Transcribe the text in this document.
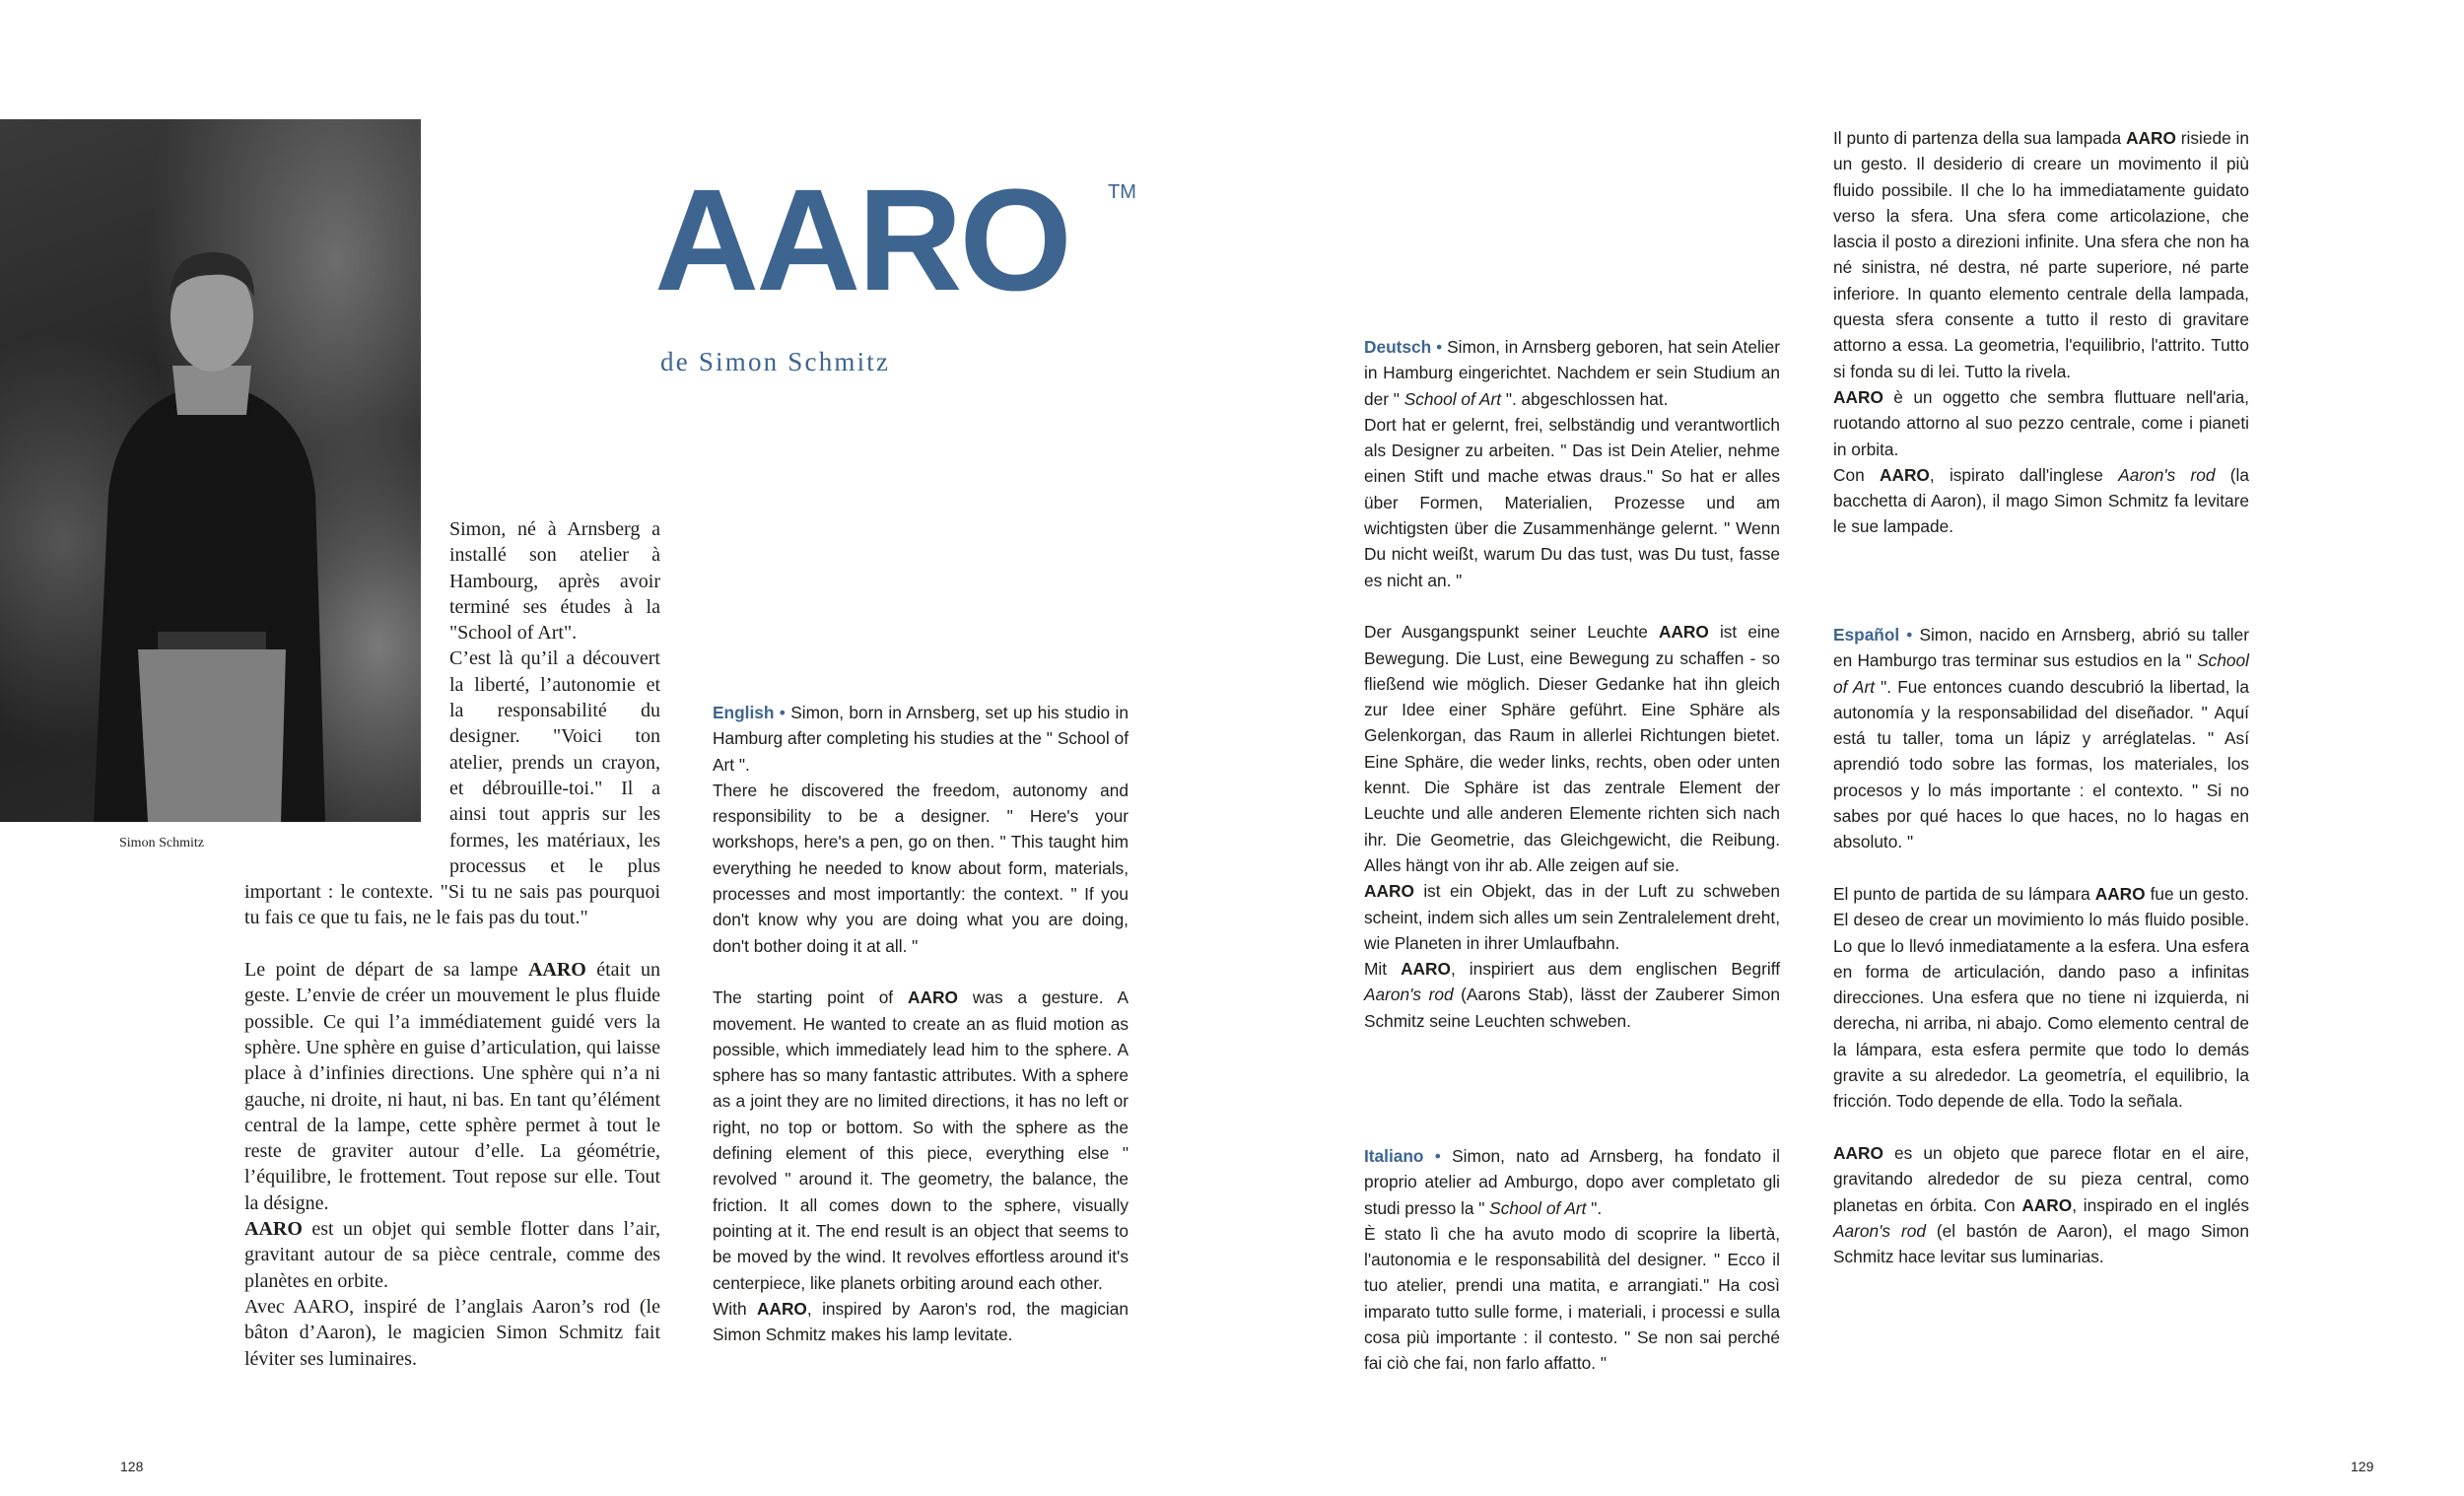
Simon Schmitz
AARO TM
de Simon Schmitz

Simon, né à Arnsberg a installé son atelier à Hambourg, après avoir terminé ses études à la "School of Art".

C’est là qu’il a découvert la liberté, l’autonomie et la responsabilité du designer. "Voici ton atelier, prends un crayon, et débrouille-toi." Il a ainsi tout appris sur les formes, les matériaux, les processus et le plus important : le contexte. "Si tu ne sais pas pourquoi tu fais ce que tu fais, ne le fais pas du tout."

Le point de départ de sa lampe AARO était un geste. L’envie de créer un mouvement le plus fluide possible. Ce qui l’a immédiatement guidé vers la sphère. Une sphère en guise d’articulation, qui laisse place à d’infinies directions. Une sphère qui n’a ni gauche, ni droite, ni haut, ni bas. En tant qu’élément central de la lampe, cette sphère permet à tout le reste de graviter autour d’elle. La géométrie, l’équilibre, le frottement. Tout repose sur elle. Tout la désigne.

AARO est un objet qui semble flotter dans l’air, gravitant autour de sa pièce centrale, comme des planètes en orbite.

Avec AARO, inspiré de l’anglais Aaron’s rod (le bâton d’Aaron), le magicien Simon Schmitz fait léviter ses luminaires.

English • Simon, born in Arnsberg, set up his studio in Hamburg after completing his studies at the " School of Art ".

There he discovered the freedom, autonomy and responsibility to be a designer. " Here's your workshops, here's a pen, go on then. " This taught him everything he needed to know about form, materials, processes and most importantly: the context. " If you don't know why you are doing what you are doing, don't bother doing it at all. "

The starting point of AARO was a gesture. A movement. He wanted to create an as fluid motion as possible, which immediately lead him to the sphere. A sphere has so many fantastic attributes. With a sphere as a joint they are no limited directions, it has no left or right, no top or bottom. So with the sphere as the defining element of this piece, everything else " revolved " around it. The geometry, the balance, the friction. It all comes down to the sphere, visually pointing at it. The end result is an object that seems to be moved by the wind. It revolves effortless around it's centerpiece, like planets orbiting around each other.

With AARO, inspired by Aaron's rod, the magician Simon Schmitz makes his lamp levitate.

Deutsch • Simon, in Arnsberg geboren, hat sein Atelier in Hamburg eingerichtet. Nachdem er sein Studium an der " School of Art ". abgeschlossen hat.

Dort hat er gelernt, frei, selbständig und verantwortlich als Designer zu arbeiten. " Das ist Dein Atelier, nehme einen Stift und mache etwas draus." So hat er alles über Formen, Materialien, Prozesse und am wichtigsten über die Zusammenhänge gelernt. " Wenn Du nicht weißt, warum Du das tust, was Du tust, fasse es nicht an. "

Der Ausgangspunkt seiner Leuchte AARO ist eine Bewegung. Die Lust, eine Bewegung zu schaffen - so fließend wie möglich. Dieser Gedanke hat ihn gleich zur Idee einer Sphäre geführt. Eine Sphäre als Gelenkorgan, das Raum in allerlei Richtungen bietet. Eine Sphäre, die weder links, rechts, oben oder unten kennt. Die Sphäre ist das zentrale Element der Leuchte und alle anderen Elemente richten sich nach ihr. Die Geometrie, das Gleichgewicht, die Reibung. Alles hängt von ihr ab. Alle zeigen auf sie.

AARO ist ein Objekt, das in der Luft zu schweben scheint, indem sich alles um sein Zentralelement dreht, wie Planeten in ihrer Umlaufbahn.

Mit AARO, inspiriert aus dem englischen Begriff Aaron's rod (Aarons Stab), lässt der Zauberer Simon Schmitz seine Leuchten schweben.

Italiano • Simon, nato ad Arnsberg, ha fondato il proprio atelier ad Amburgo, dopo aver completato gli studi presso la " School of Art ".

È stato lì che ha avuto modo di scoprire la libertà, l'autonomia e le responsabilità del designer. " Ecco il tuo atelier, prendi una matita, e arrangiati." Ha così imparato tutto sulle forme, i materiali, i processi e sulla cosa più importante : il contesto. " Se non sai perché fai ciò che fai, non farlo affatto. "

Il punto di partenza della sua lampada AARO risiede in un gesto. Il desiderio di creare un movimento il più fluido possibile. Il che lo ha immediatamente guidato verso la sfera. Una sfera come articolazione, che lascia il posto a direzioni infinite. Una sfera che non ha né sinistra, né destra, né parte superiore, né parte inferiore. In quanto elemento centrale della lampada, questa sfera consente a tutto il resto di gravitare attorno a essa. La geometria, l'equilibrio, l'attrito. Tutto si fonda su di lei. Tutto la rivela.

AARO è un oggetto che sembra fluttuare nell'aria, ruotando attorno al suo pezzo centrale, come i pianeti in orbita.

Con AARO, ispirato dall'inglese Aaron's rod (la bacchetta di Aaron), il mago Simon Schmitz fa levitare le sue lampade.

Español • Simon, nacido en Arnsberg, abrió su taller en Hamburgo tras terminar sus estudios en la " School of Art ". Fue entonces cuando descubrió la libertad, la autonomía y la responsabilidad del diseñador. " Aquí está tu taller, toma un lápiz y arréglatelas. " Así aprendió todo sobre las formas, los materiales, los procesos y lo más importante : el contexto. " Si no sabes por qué haces lo que haces, no lo hagas en absoluto. "

El punto de partida de su lámpara AARO fue un gesto. El deseo de crear un movimiento lo más fluido posible. Lo que lo llevó inmediatamente a la esfera. Una esfera en forma de articulación, dando paso a infinitas direcciones. Una esfera que no tiene ni izquierda, ni derecha, ni arriba, ni abajo. Como elemento central de la lámpara, esta esfera permite que todo lo demás gravite a su alrededor. La geometría, el equilibrio, la fricción. Todo depende de ella. Todo la señala.

AARO es un objeto que parece flotar en el aire, gravitando alrededor de su pieza central, como planetas en órbita. Con AARO, inspirado en el inglés Aaron's rod (el bastón de Aaron), el mago Simon Schmitz hace levitar sus luminarias.

128	129
